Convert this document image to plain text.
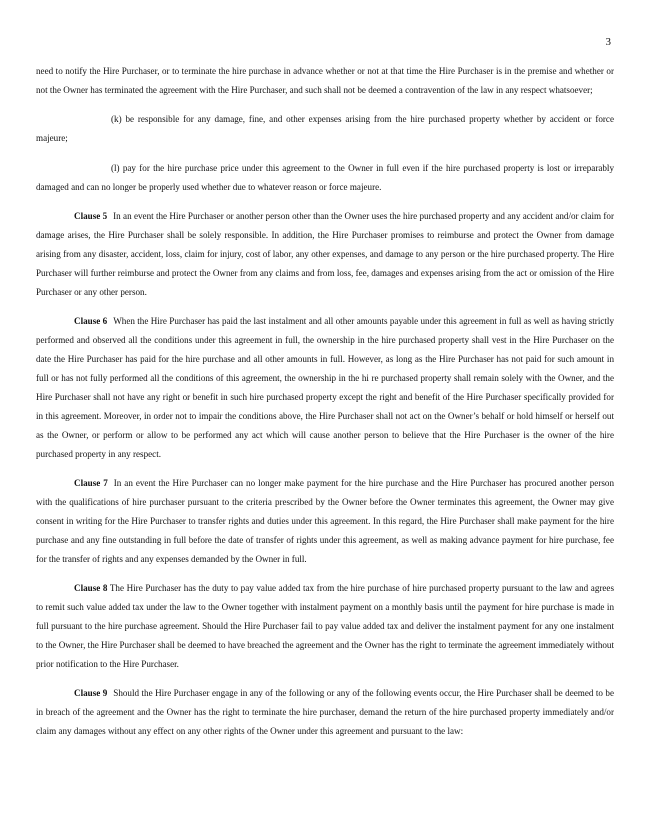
3

need to notify the Hire Purchaser, or to terminate the hire purchase in advance whether or not at that time the Hire Purchaser is in the premise and whether or not the Owner has terminated the agreement with the Hire Purchaser, and such shall not be deemed a contravention of the law in any respect whatsoever;

(k) be responsible for any damage, fine, and other expenses arising from the hire purchased property whether by accident or force majeure;

(l) pay for the hire purchase price under this agreement to the Owner in full even if the hire purchased property is lost or irreparably damaged and can no longer be properly used whether due to whatever reason or force majeure.

Clause 5 In an event the Hire Purchaser or another person other than the Owner uses the hire purchased property and any accident and/or claim for damage arises, the Hire Purchaser shall be solely responsible. In addition, the Hire Purchaser promises to reimburse and protect the Owner from damage arising from any disaster, accident, loss, claim for injury, cost of labor, any other expenses, and damage to any person or the hire purchased property. The Hire Purchaser will further reimburse and protect the Owner from any claims and from loss, fee, damages and expenses arising from the act or omission of the Hire Purchaser or any other person.

Clause 6 When the Hire Purchaser has paid the last instalment and all other amounts payable under this agreement in full as well as having strictly performed and observed all the conditions under this agreement in full, the ownership in the hire purchased property shall vest in the Hire Purchaser on the date the Hire Purchaser has paid for the hire purchase and all other amounts in full. However, as long as the Hire Purchaser has not paid for such amount in full or has not fully performed all the conditions of this agreement, the ownership in the hi re purchased property shall remain solely with the Owner, and the Hire Purchaser shall not have any right or benefit in such hire purchased property except the right and benefit of the Hire Purchaser specifically provided for in this agreement. Moreover, in order not to impair the conditions above, the Hire Purchaser shall not act on the Owner’s behalf or hold himself or herself out as the Owner, or perform or allow to be performed any act which will cause another person to believe that the Hire Purchaser is the owner of the hire purchased property in any respect.

Clause 7 In an event the Hire Purchaser can no longer make payment for the hire purchase and the Hire Purchaser has procured another person with the qualifications of hire purchaser pursuant to the criteria prescribed by the Owner before the Owner terminates this agreement, the Owner may give consent in writing for the Hire Purchaser to transfer rights and duties under this agreement. In this regard, the Hire Purchaser shall make payment for the hire purchase and any fine outstanding in full before the date of transfer of rights under this agreement, as well as making advance payment for hire purchase, fee for the transfer of rights and any expenses demanded by the Owner in full.

Clause 8 The Hire Purchaser has the duty to pay value added tax from the hire purchase of hire purchased property pursuant to the law and agrees to remit such value added tax under the law to the Owner together with instalment payment on a monthly basis until the payment for hire purchase is made in full pursuant to the hire purchase agreement. Should the Hire Purchaser fail to pay value added tax and deliver the instalment payment for any one instalment to the Owner, the Hire Purchaser shall be deemed to have breached the agreement and the Owner has the right to terminate the agreement immediately without prior notification to the Hire Purchaser.

Clause 9 Should the Hire Purchaser engage in any of the following or any of the following events occur, the Hire Purchaser shall be deemed to be in breach of the agreement and the Owner has the right to terminate the hire purchaser, demand the return of the hire purchased property immediately and/or claim any damages without any effect on any other rights of the Owner under this agreement and pursuant to the law:
